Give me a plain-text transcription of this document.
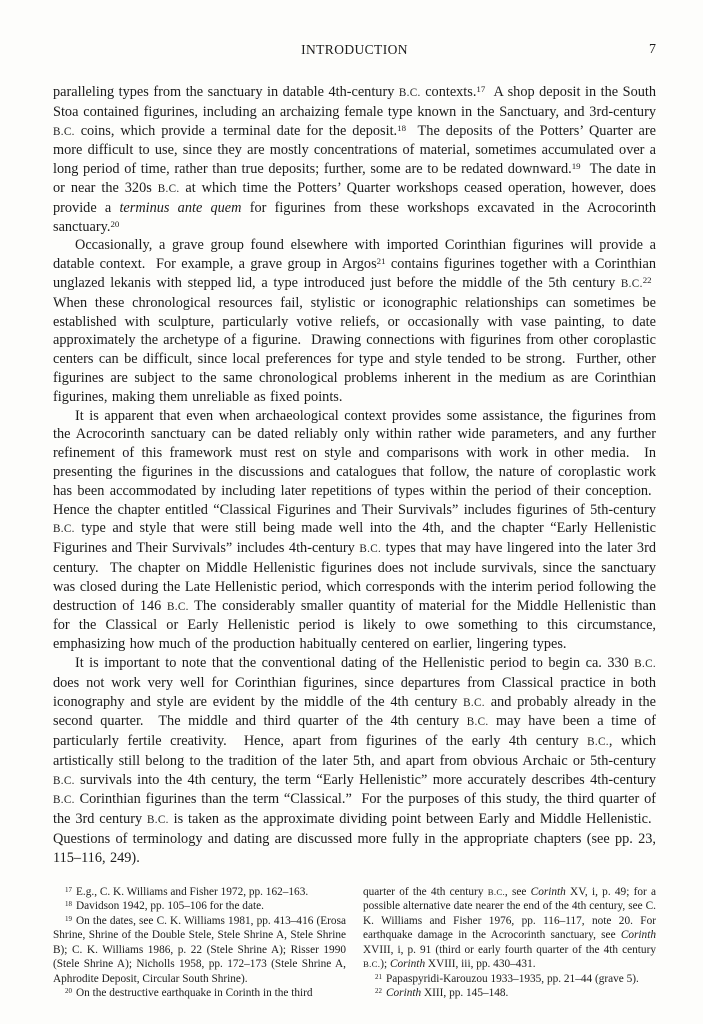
INTRODUCTION	7

paralleling types from the sanctuary in datable 4th-century B.C. contexts.$^{17}$  A shop deposit in the South Stoa contained figurines, including an archaizing female type known in the Sanctuary, and 3rd-century B.C. coins, which provide a terminal date for the deposit.$^{18}$  The deposits of the Potters’ Quarter are more difficult to use, since they are mostly concentrations of material, sometimes accumulated over a long period of time, rather than true deposits; further, some are to be redated downward.$^{19}$  The date in or near the 320s B.C. at which time the Potters’ Quarter workshops ceased operation, however, does provide a terminus ante quem for figurines from these workshops excavated in the Acrocorinth sanctuary.$^{20}$

Occasionally, a grave group found elsewhere with imported Corinthian figurines will provide a datable context.  For example, a grave group in Argos$^{21}$ contains figurines together with a Corinthian unglazed lekanis with stepped lid, a type introduced just before the middle of the 5th century B.C.$^{22}$  When these chronological resources fail, stylistic or iconographic relationships can sometimes be established with sculpture, particularly votive reliefs, or occasionally with vase painting, to date approximately the archetype of a figurine.  Drawing connections with figurines from other coroplastic centers can be difficult, since local preferences for type and style tended to be strong.  Further, other figurines are subject to the same chronological problems inherent in the medium as are Corinthian figurines, making them unreliable as fixed points.

It is apparent that even when archaeological context provides some assistance, the figurines from the Acrocorinth sanctuary can be dated reliably only within rather wide parameters, and any further refinement of this framework must rest on style and comparisons with work in other media.  In presenting the figurines in the discussions and catalogues that follow, the nature of coroplastic work has been accommodated by including later repetitions of types within the period of their conception.  Hence the chapter entitled “Classical Figurines and Their Survivals” includes figurines of 5th-century B.C. type and style that were still being made well into the 4th, and the chapter “Early Hellenistic Figurines and Their Survivals” includes 4th-century B.C. types that may have lingered into the later 3rd century.  The chapter on Middle Hellenistic figurines does not include survivals, since the sanctuary was closed during the Late Hellenistic period, which corresponds with the interim period following the destruction of 146 B.C. The considerably smaller quantity of material for the Middle Hellenistic than for the Classical or Early Hellenistic period is likely to owe something to this circumstance, emphasizing how much of the production habitually centered on earlier, lingering types.

It is important to note that the conventional dating of the Hellenistic period to begin ca. 330 B.C. does not work very well for Corinthian figurines, since departures from Classical practice in both iconography and style are evident by the middle of the 4th century B.C. and probably already in the second quarter.  The middle and third quarter of the 4th century B.C. may have been a time of particularly fertile creativity.  Hence, apart from figurines of the early 4th century B.C., which artistically still belong to the tradition of the later 5th, and apart from obvious Archaic or 5th-century B.C. survivals into the 4th century, the term “Early Hellenistic” more accurately describes 4th-century B.C. Corinthian figurines than the term “Classical.”  For the purposes of this study, the third quarter of the 3rd century B.C. is taken as the approximate dividing point between Early and Middle Hellenistic.  Questions of terminology and dating are discussed more fully in the appropriate chapters (see pp. 23, 115–116, 249).

$^{17}$ E.g., C. K. Williams and Fisher 1972, pp. 162–163.

$^{18}$ Davidson 1942, pp. 105–106 for the date.

$^{19}$ On the dates, see C. K. Williams 1981, pp. 413–416 (Erosa Shrine, Shrine of the Double Stele, Stele Shrine A, Stele Shrine B); C. K. Williams 1986, p. 22 (Stele Shrine A); Risser 1990 (Stele Shrine A); Nicholls 1958, pp. 172–173 (Stele Shrine A, Aphrodite Deposit, Circular South Shrine).

$^{20}$ On the destructive earthquake in Corinth in the third

quarter of the 4th century B.C., see Corinth XV, i, p. 49; for a possible alternative date nearer the end of the 4th century, see C. K. Williams and Fisher 1976, pp. 116–117, note 20. For earthquake damage in the Acrocorinth sanctuary, see Corinth XVIII, i, p. 91 (third or early fourth quarter of the 4th century B.C.); Corinth XVIII, iii, pp. 430–431.

$^{21}$ Papaspyridi-Karouzou 1933–1935, pp. 21–44 (grave 5).

$^{22}$ Corinth XIII, pp. 145–148.
